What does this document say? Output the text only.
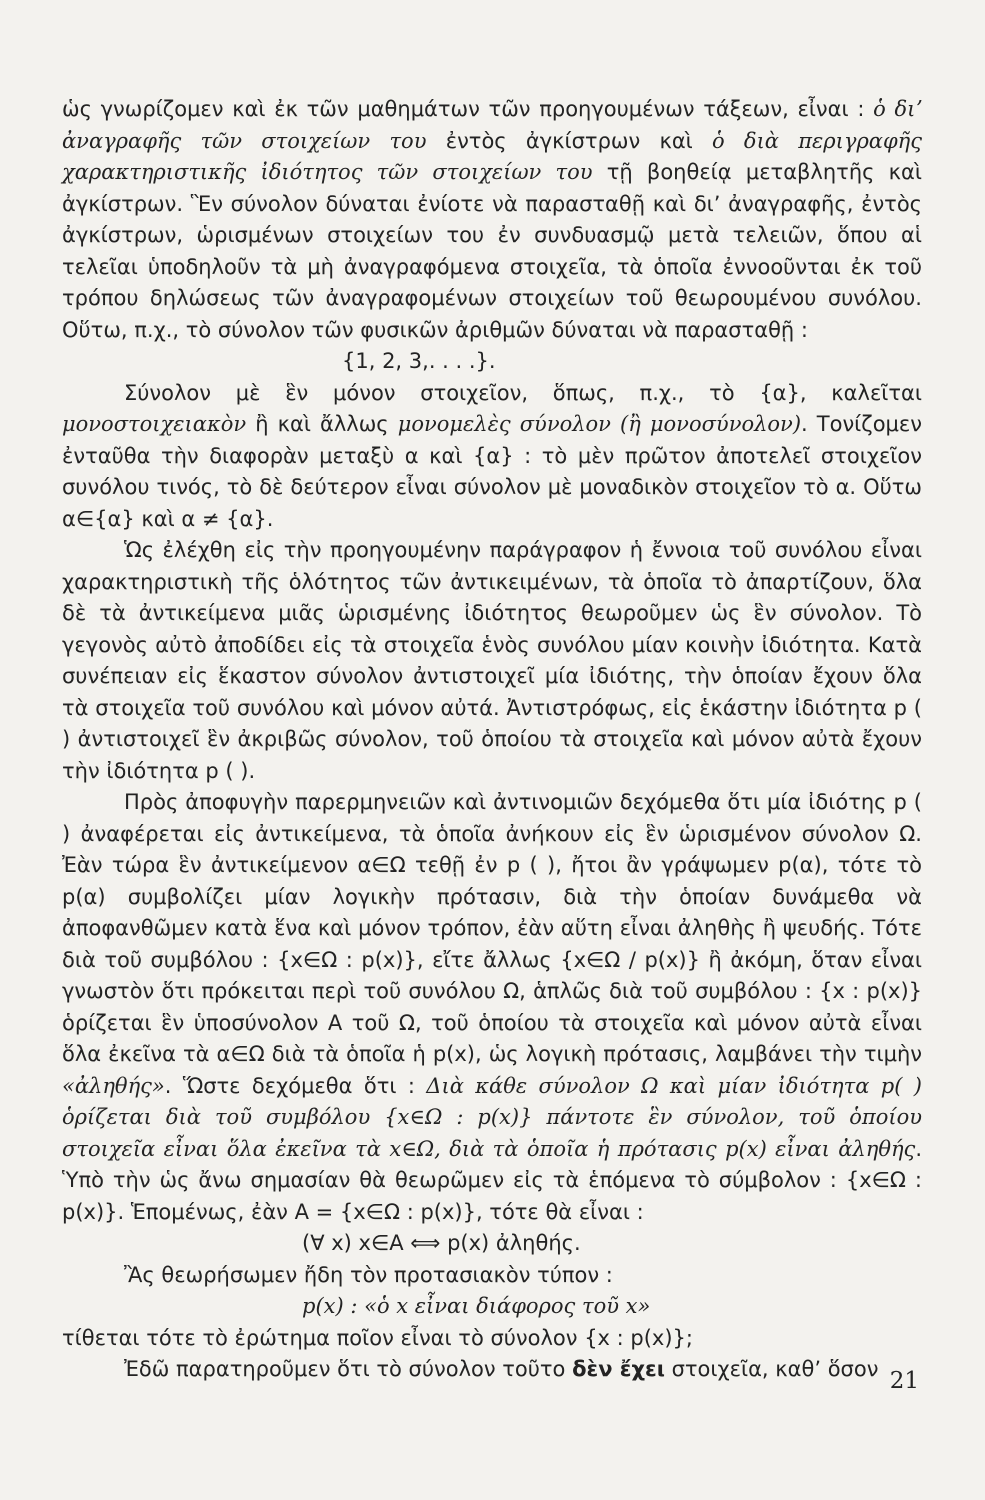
ὡς γνωρίζομεν καὶ ἐκ τῶν μαθημάτων τῶν προηγουμένων τάξεων, εἶναι : ὁ διʼ ἀναγραφῆς τῶν στοιχείων του ἐντὸς ἀγκίστρων καὶ ὁ διὰ περιγραφῆς χαρακτηριστικῆς ἰδιότητος τῶν στοιχείων του τῇ βοηθείᾳ μεταβλητῆς καὶ ἀγκίστρων. Ἓν σύνολον δύναται ἐνίοτε νὰ παρασταθῇ καὶ διʼ ἀναγραφῆς, ἐντὸς ἀγκίστρων, ὡρισμένων στοιχείων του ἐν συνδυασμῷ μετὰ τελειῶν, ὅπου αἱ τελεῖαι ὑποδηλοῦν τὰ μὴ ἀναγραφόμενα στοιχεῖα, τὰ ὁποῖα ἐννοοῦνται ἐκ τοῦ τρόπου δηλώσεως τῶν ἀναγραφομένων στοιχείων τοῦ θεωρουμένου συνόλου. Οὕτω, π.χ., τὸ σύνολον τῶν φυσικῶν ἀριθμῶν δύναται νὰ παρασταθῇ :

{1, 2, 3,. . . .}.

Σύνολον μὲ ἓν μόνον στοιχεῖον, ὅπως, π.χ., τὸ {α}, καλεῖται μονοστοιχειακὸν ἢ καὶ ἄλλως μονομελὲς σύνολον (ἢ μονοσύνολον). Τονίζομεν ἐνταῦθα τὴν διαφορὰν μεταξὺ α καὶ {α} : τὸ μὲν πρῶτον ἀποτελεῖ στοιχεῖον συνόλου τινός, τὸ δὲ δεύτερον εἶναι σύνολον μὲ μοναδικὸν στοιχεῖον τὸ α. Οὕτω α∈{α} καὶ α ≠ {α}.

Ὡς ἐλέχθη εἰς τὴν προηγουμένην παράγραφον ἡ ἔννοια τοῦ συνόλου εἶναι χαρακτηριστικὴ τῆς ὁλότητος τῶν ἀντικειμένων, τὰ ὁποῖα τὸ ἀπαρτίζουν, ὅλα δὲ τὰ ἀντικείμενα μιᾶς ὡρισμένης ἰδιότητος θεωροῦμεν ὡς ἓν σύνολον. Τὸ γεγονὸς αὐτὸ ἀποδίδει εἰς τὰ στοιχεῖα ἑνὸς συνόλου μίαν κοινὴν ἰδιότητα. Κατὰ συνέπειαν εἰς ἕκαστον σύνολον ἀντιστοιχεῖ μία ἰδιότης, τὴν ὁποίαν ἔχουν ὅλα τὰ στοιχεῖα τοῦ συνόλου καὶ μόνον αὐτά. Ἀντιστρόφως, εἰς ἑκάστην ἰδιότητα p ( ) ἀντιστοιχεῖ ἓν ἀκριβῶς σύνολον, τοῦ ὁποίου τὰ στοιχεῖα καὶ μόνον αὐτὰ ἔχουν τὴν ἰδιότητα p ( ).

Πρὸς ἀποφυγὴν παρερμηνειῶν καὶ ἀντινομιῶν δεχόμεθα ὅτι μία ἰδιότης p ( ) ἀναφέρεται εἰς ἀντικείμενα, τὰ ὁποῖα ἀνήκουν εἰς ἓν ὡρισμένον σύνολον Ω. Ἐὰν τώρα ἓν ἀντικείμενον α∈Ω τεθῇ ἐν p ( ), ἤτοι ἂν γράψωμεν p(α), τότε τὸ p(α) συμβολίζει μίαν λογικὴν πρότασιν, διὰ τὴν ὁποίαν δυνάμεθα νὰ ἀποφανθῶμεν κατὰ ἕνα καὶ μόνον τρόπον, ἐὰν αὕτη εἶναι ἀληθὴς ἢ ψευδής. Τότε διὰ τοῦ συμβόλου : {x∈Ω : p(x)}, εἴτε ἄλλως {x∈Ω / p(x)} ἢ ἀκόμη, ὅταν εἶναι γνωστὸν ὅτι πρόκειται περὶ τοῦ συνόλου Ω, ἁπλῶς διὰ τοῦ συμβόλου : {x : p(x)} ὁρίζεται ἓν ὑποσύνολον A τοῦ Ω, τοῦ ὁποίου τὰ στοιχεῖα καὶ μόνον αὐτὰ εἶναι ὅλα ἐκεῖνα τὰ α∈Ω διὰ τὰ ὁποῖα ἡ p(x), ὡς λογικὴ πρότασις, λαμβάνει τὴν τιμὴν «ἀληθής». Ὥστε δεχόμεθα ὅτι : Διὰ κάθε σύνολον Ω καὶ μίαν ἰδιότητα p( ) ὁρίζεται διὰ τοῦ συμβόλου {x∈Ω : p(x)} πάντοτε ἓν σύνολον, τοῦ ὁποίου στοιχεῖα εἶναι ὅλα ἐκεῖνα τὰ x∈Ω, διὰ τὰ ὁποῖα ἡ πρότασις p(x) εἶναι ἀληθής. Ὑπὸ τὴν ὡς ἄνω σημασίαν θὰ θεωρῶμεν εἰς τὰ ἑπόμενα τὸ σύμβολον : {x∈Ω : p(x)}. Ἑπομένως, ἐὰν A = {x∈Ω : p(x)}, τότε θὰ εἶναι :

(∀ x) x∈A ⟺ p(x) ἀληθής.

Ἂς θεωρήσωμεν ἤδη τὸν προτασιακὸν τύπον :

p(x) : «ὁ x εἶναι διάφορος τοῦ x»

τίθεται τότε τὸ ἐρώτημα ποῖον εἶναι τὸ σύνολον {x : p(x)};

Ἐδῶ παρατηροῦμεν ὅτι τὸ σύνολον τοῦτο δὲν ἔχει στοιχεῖα, καθʼ ὅσον 21
